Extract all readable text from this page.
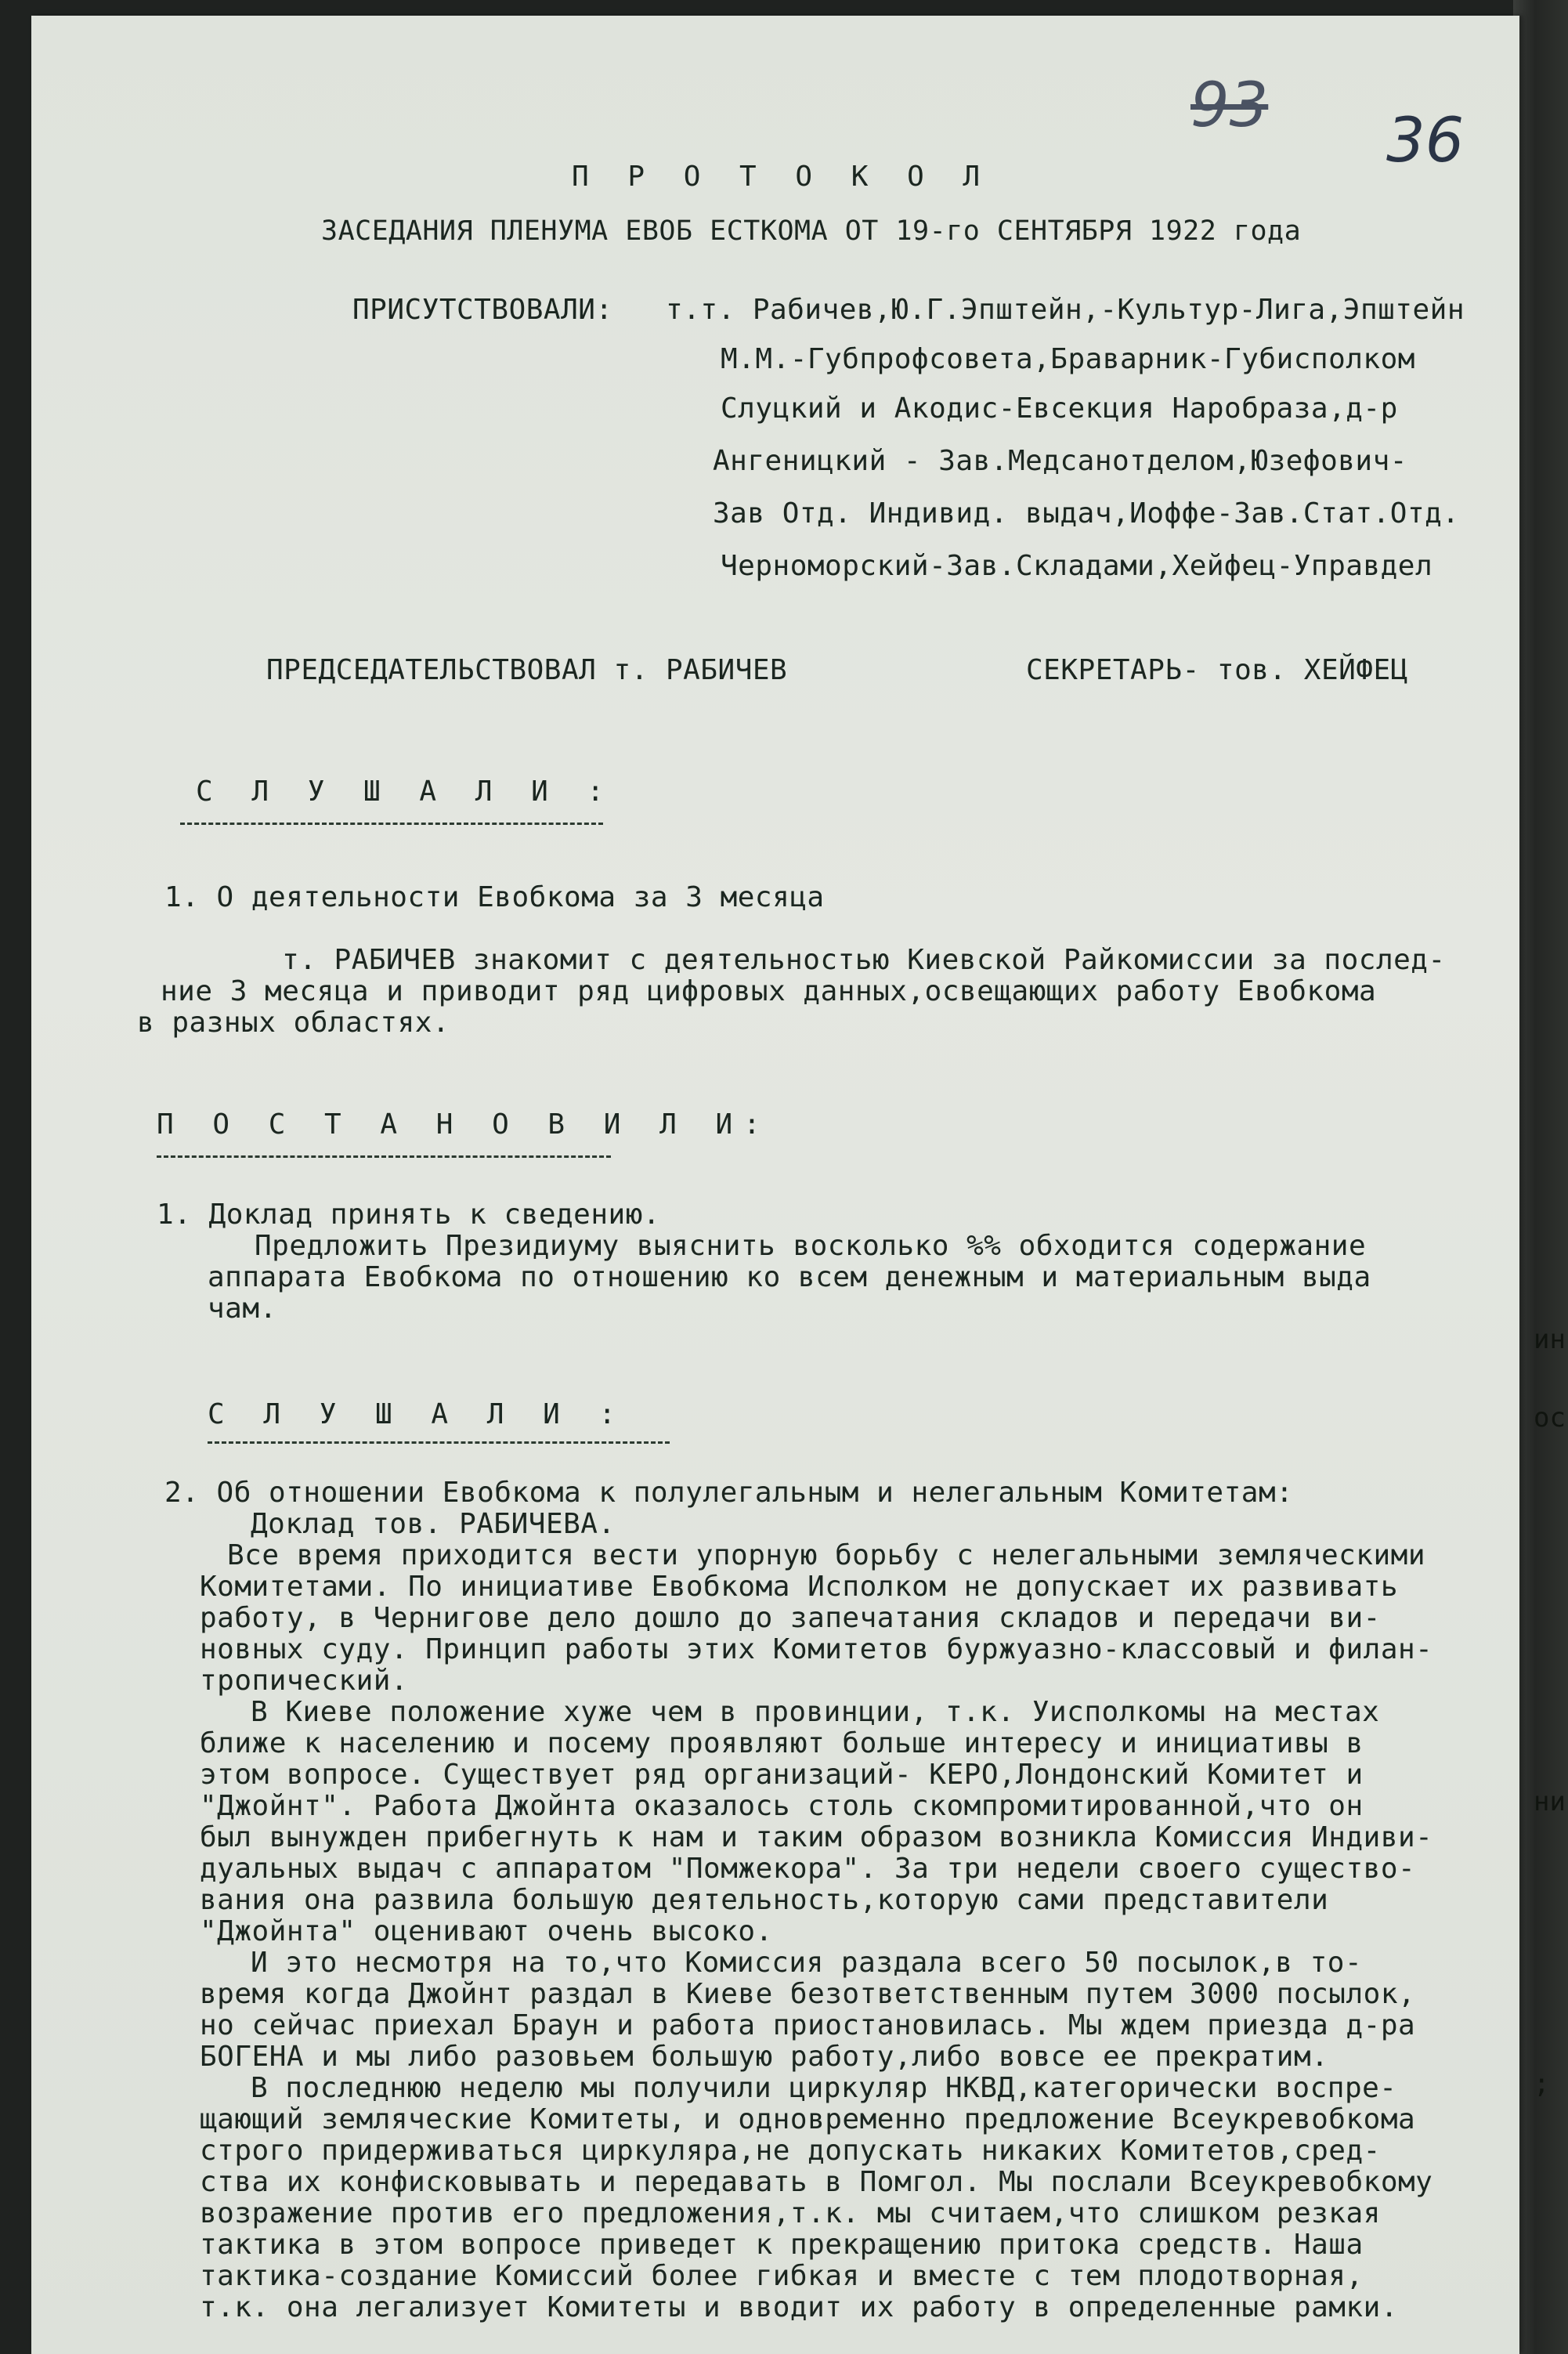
93 36
П Р О Т О К О Л
ЗАСЕДАНИЯ ПЛЕНУМА ЕВОБ ЕСТКОМА ОТ 19-го СЕНТЯБРЯ 1922 года
ПРИСУТСТВОВАЛИ: т.т. Рабичев,Ю.Г.Эпштейн,-Культур-Лига,Эпштейн
М.М.-Губпрофсовета,Браварник-Губисполком
Слуцкий и Акодис-Евсекция Наробраза,д-р
Ангеницкий - Зав.Медсанотделом,Юзефович-
Зав Отд. Индивид. выдач,Иоффе-Зав.Стат.Отд.
Черноморский-Зав.Складами,Хейфец-Управдел
ПРЕДСЕДАТЕЛЬСТВОВАЛ т. РАБИЧЕВ	СЕКРЕТАРЬ- тов. ХЕЙФЕЦ
С Л У Ш А Л И :
1. О деятельности Евобкома за 3 месяца
т. РАБИЧЕВ знакомит с деятельностью Киевской Райкомиссии за послед-
ние 3 месяца и приводит ряд цифровых данных,освещающих работу Евобкома
в разных областях.
П О С Т А Н О В И Л И:
1. Доклад принять к сведению.
Предложить Президиуму выяснить восколько %% обходится содержание
аппарата Евобкома по отношению ко всем денежным и материальным выда
чам.
С Л У Ш А Л И :
2. Об отношении Евобкома к полулегальным и нелегальным Комитетам:
Доклад тов. РАБИЧЕВА.
Все время приходится вести упорную борьбу с нелегальными земляческими
Комитетами. По инициативе Евобкома Исполком не допускает их развивать
работу, в Чернигове дело дошло до запечатания складов и передачи ви-
новных суду. Принцип работы этих Комитетов буржуазно-классовый и филан-
тропический.
В Киеве положение хуже чем в провинции, т.к. Уисполкомы на местах
ближе к населению и посему проявляют больше интересу и инициативы в
этом вопросе. Существует ряд организаций- КЕРО,Лондонский Комитет и
"Джойнт". Работа Джойнта оказалось столь скомпромитированной,что он
был вынужден прибегнуть к нам и таким образом возникла Комиссия Индиви-
дуальных выдач с аппаратом "Помжекора". За три недели своего существо-
вания она развила большую деятельность,которую сами представители
"Джойнта" оценивают очень высоко.
И это несмотря на то,что Комиссия раздала всего 50 посылок,в то-
время когда Джойнт раздал в Киеве безответственным путем 3000 посылок,
но сейчас приехал Браун и работа приостановилась. Мы ждем приезда д-ра
БОГЕНА и мы либо разовьем большую работу,либо вовсе ее прекратим.
В последнюю неделю мы получили циркуляр НКВД,категорически воспре-
щающий земляческие Комитеты, и одновременно предложение Всеукревобкома
строго придерживаться циркуляра,не допускать никаких Комитетов,сред-
ства их конфисковывать и передавать в Помгол. Мы послали Всеукревобкому
возражение против его предложения,т.к. мы считаем,что слишком резкая
тактика в этом вопросе приведет к прекращению притока средств. Наша
тактика-создание Комиссий более гибкая и вместе с тем плодотворная,
т.к. она легализует Комитеты и вводит их работу в определенные рамки.
ин
ос
ни
;
